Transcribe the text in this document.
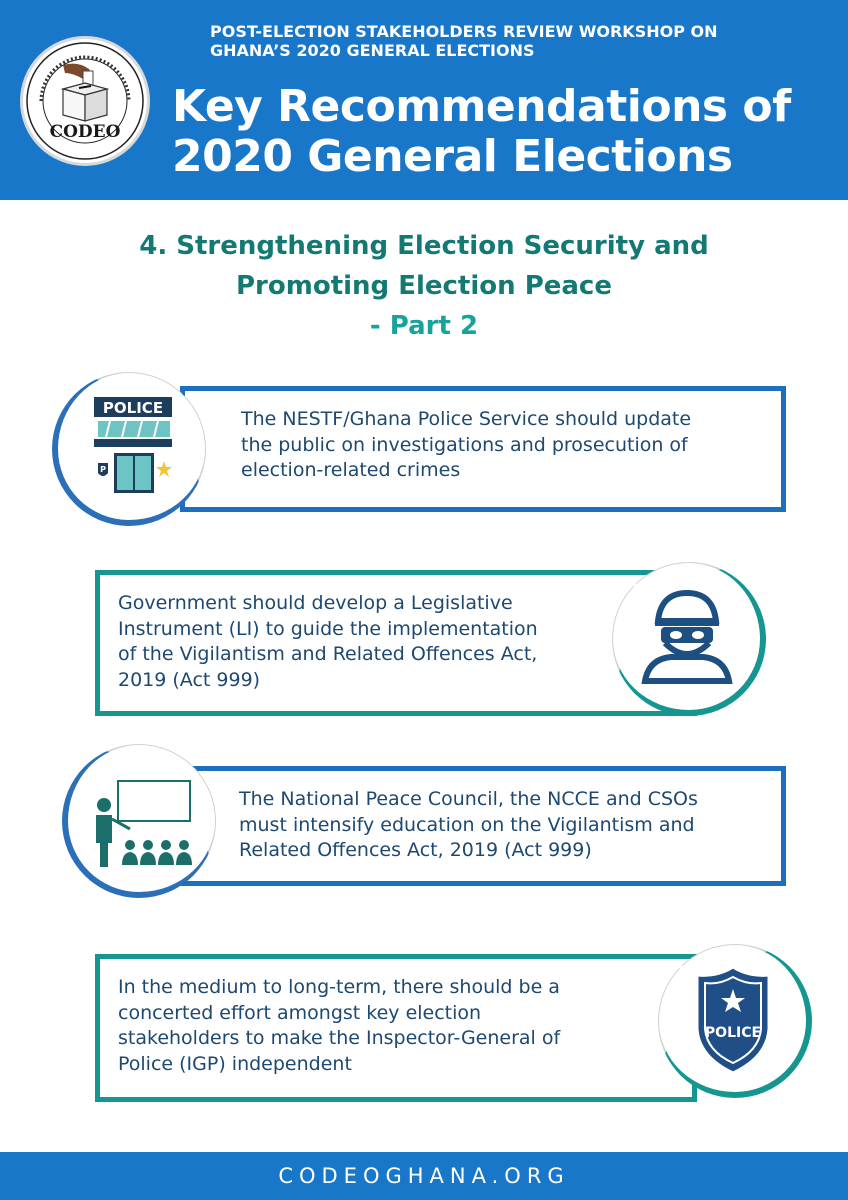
CODEO
POST-ELECTION STAKEHOLDERS REVIEW WORKSHOP ON
GHANA’S 2020 GENERAL ELECTIONS
Key Recommendations of
2020 General Elections
4. Strengthening Election Security and
Promoting Election Peace
- Part 2
The NESTF/Ghana Police Service should update
the public on investigations and prosecution of
election-related crimes
POLICE
P
Government should develop a Legislative
Instrument (LI) to guide the implementation
of the Vigilantism and Related Offences Act,
2019 (Act 999)
The National Peace Council, the NCCE and CSOs
must intensify education on the Vigilantism and
Related Offences Act, 2019 (Act 999)
In the medium to long-term, there should be a
concerted effort amongst key election
stakeholders to make the Inspector-General of
Police (IGP) independent
POLICE
CODEOGHANA.ORG
